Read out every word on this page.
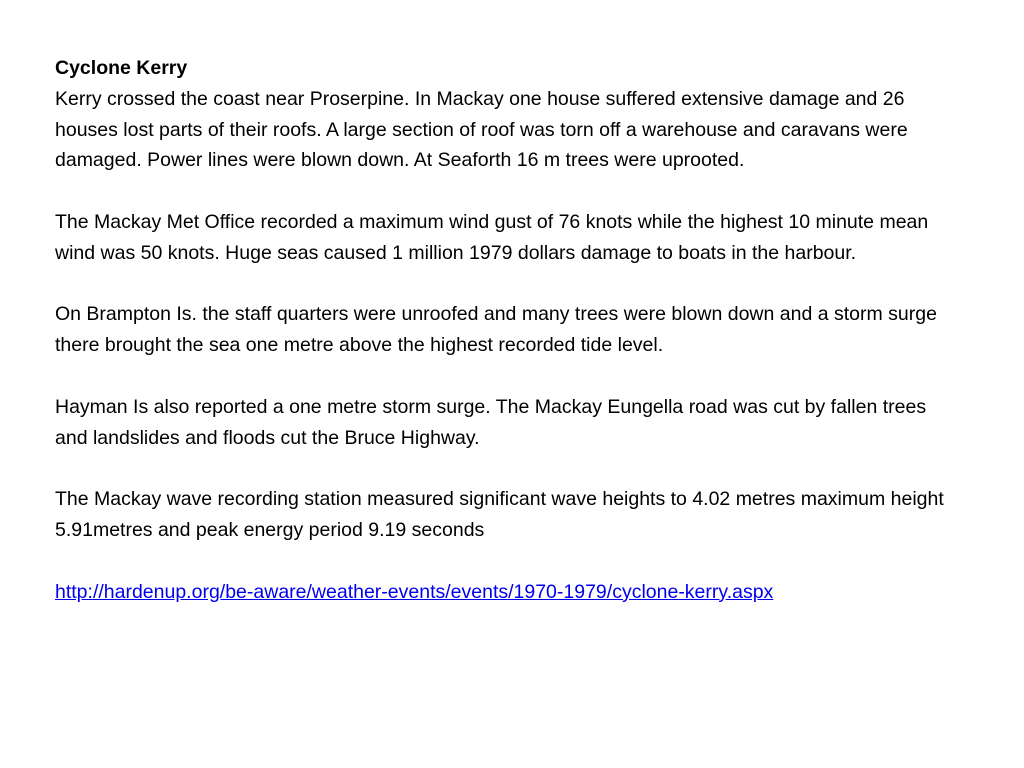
Cyclone Kerry

Kerry crossed the coast near Proserpine. In Mackay one house suffered extensive damage and 26 houses lost parts of their roofs. A large section of roof was torn off a warehouse and caravans were damaged. Power lines were blown down. At Seaforth 16 m trees were uprooted.

The Mackay Met Office recorded a maximum wind gust of 76 knots while the highest 10 minute mean wind was 50 knots. Huge seas caused 1 million 1979 dollars damage to boats in the harbour.

On Brampton Is. the staff quarters were unroofed and many trees were blown down and a storm surge there brought the sea one metre above the highest recorded tide level.

Hayman Is also reported a one metre storm surge. The Mackay Eungella road was cut by fallen trees and landslides and floods cut the Bruce Highway.

The Mackay wave recording station measured significant wave heights to 4.02 metres maximum height 5.91metres and peak energy period 9.19 seconds

http://hardenup.org/be-aware/weather-events/events/1970-1979/cyclone-kerry.aspx
